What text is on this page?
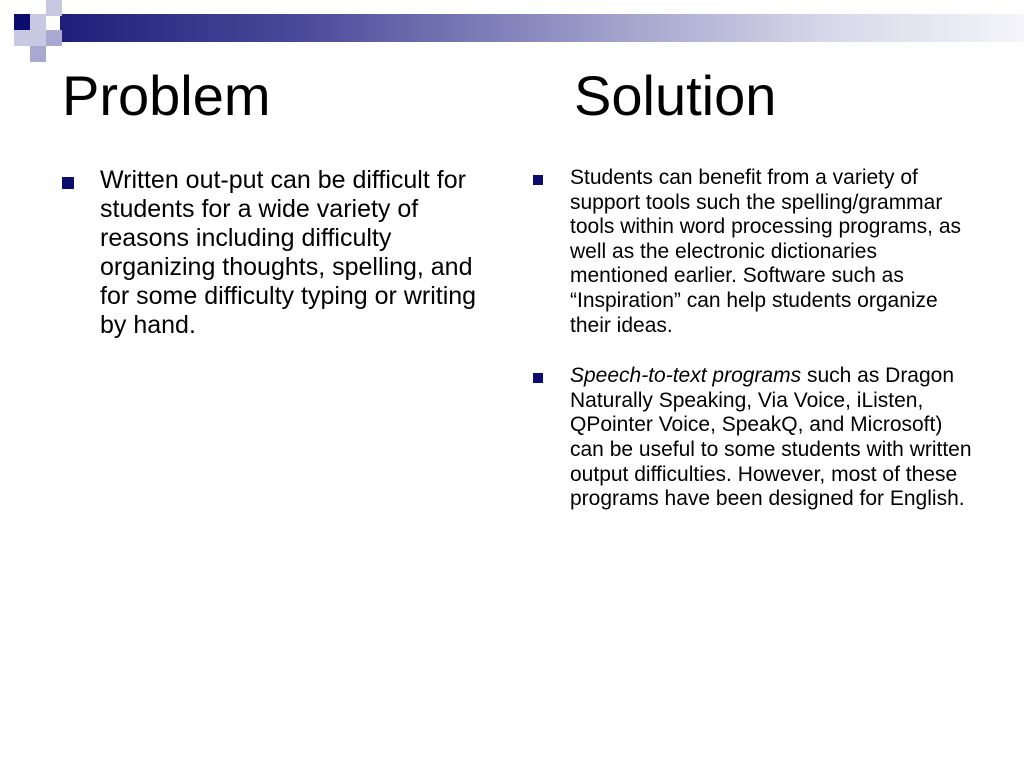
Problem	Solution
Written out-put can be difficult for students for a wide variety of reasons including difficulty organizing thoughts, spelling, and for some difficulty typing or writing by hand.
Students can benefit from a variety of support tools such the spelling/grammar tools within word processing programs, as well as the electronic dictionaries mentioned earlier. Software such as “Inspiration” can help students organize their ideas.
Speech-to-text programs such as Dragon Naturally Speaking, Via Voice, iListen, QPointer Voice, SpeakQ, and Microsoft) can be useful to some students with written output difficulties. However, most of these programs have been designed for English.
